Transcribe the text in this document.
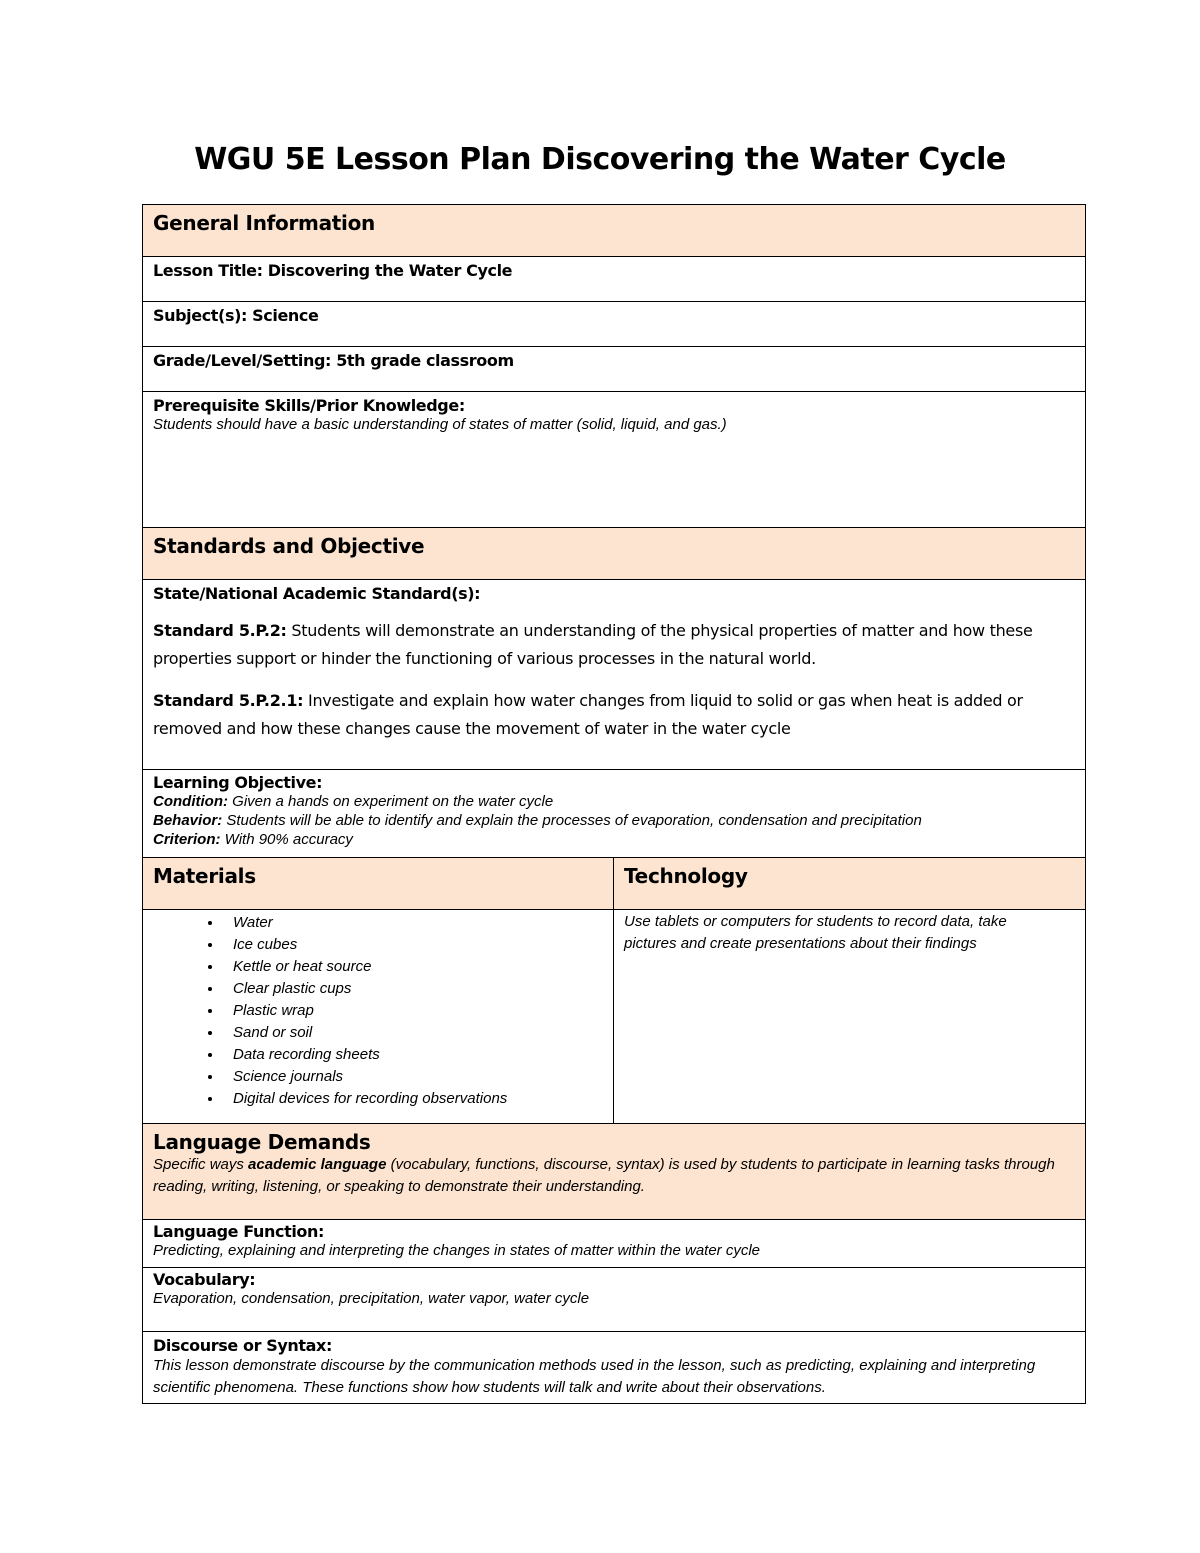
WGU 5E Lesson Plan Discovering the Water Cycle
General Information
Lesson Title: Discovering the Water Cycle
Subject(s): Science
Grade/Level/Setting: 5th grade classroom
Prerequisite Skills/Prior Knowledge:
Students should have a basic understanding of states of matter (solid, liquid, and gas.)
Standards and Objective
State/National Academic Standard(s):
Standard 5.P.2: Students will demonstrate an understanding of the physical properties of matter and how these properties support or hinder the functioning of various processes in the natural world.
Standard 5.P.2.1: Investigate and explain how water changes from liquid to solid or gas when heat is added or removed and how these changes cause the movement of water in the water cycle
Learning Objective:
Condition: Given a hands on experiment on the water cycle
Behavior: Students will be able to identify and explain the processes of evaporation, condensation and precipitation
Criterion: With 90% accuracy
Materials	Technology
• Water
• Ice cubes
• Kettle or heat source
• Clear plastic cups
• Plastic wrap
• Sand or soil
• Data recording sheets
• Science journals
• Digital devices for recording observations
Use tablets or computers for students to record data, take pictures and create presentations about their findings
Language Demands
Specific ways academic language (vocabulary, functions, discourse, syntax) is used by students to participate in learning tasks through reading, writing, listening, or speaking to demonstrate their understanding.
Language Function:
Predicting, explaining and interpreting the changes in states of matter within the water cycle
Vocabulary:
Evaporation, condensation, precipitation, water vapor, water cycle
Discourse or Syntax:
This lesson demonstrate discourse by the communication methods used in the lesson, such as predicting, explaining and interpreting scientific phenomena. These functions show how students will talk and write about their observations.
